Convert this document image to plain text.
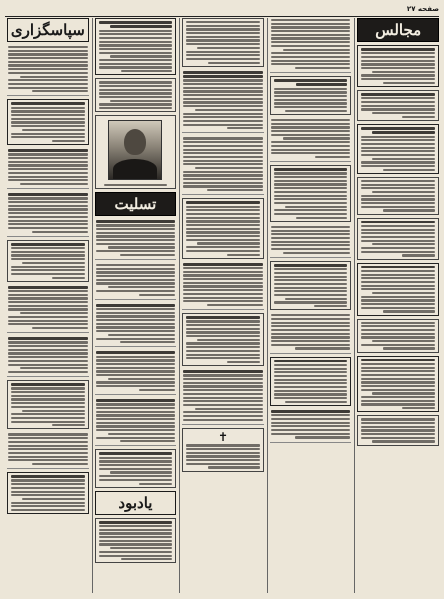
صفحه ۲۷
مجالس
✝
تسلیت
یادبود
سپاسگزاری
